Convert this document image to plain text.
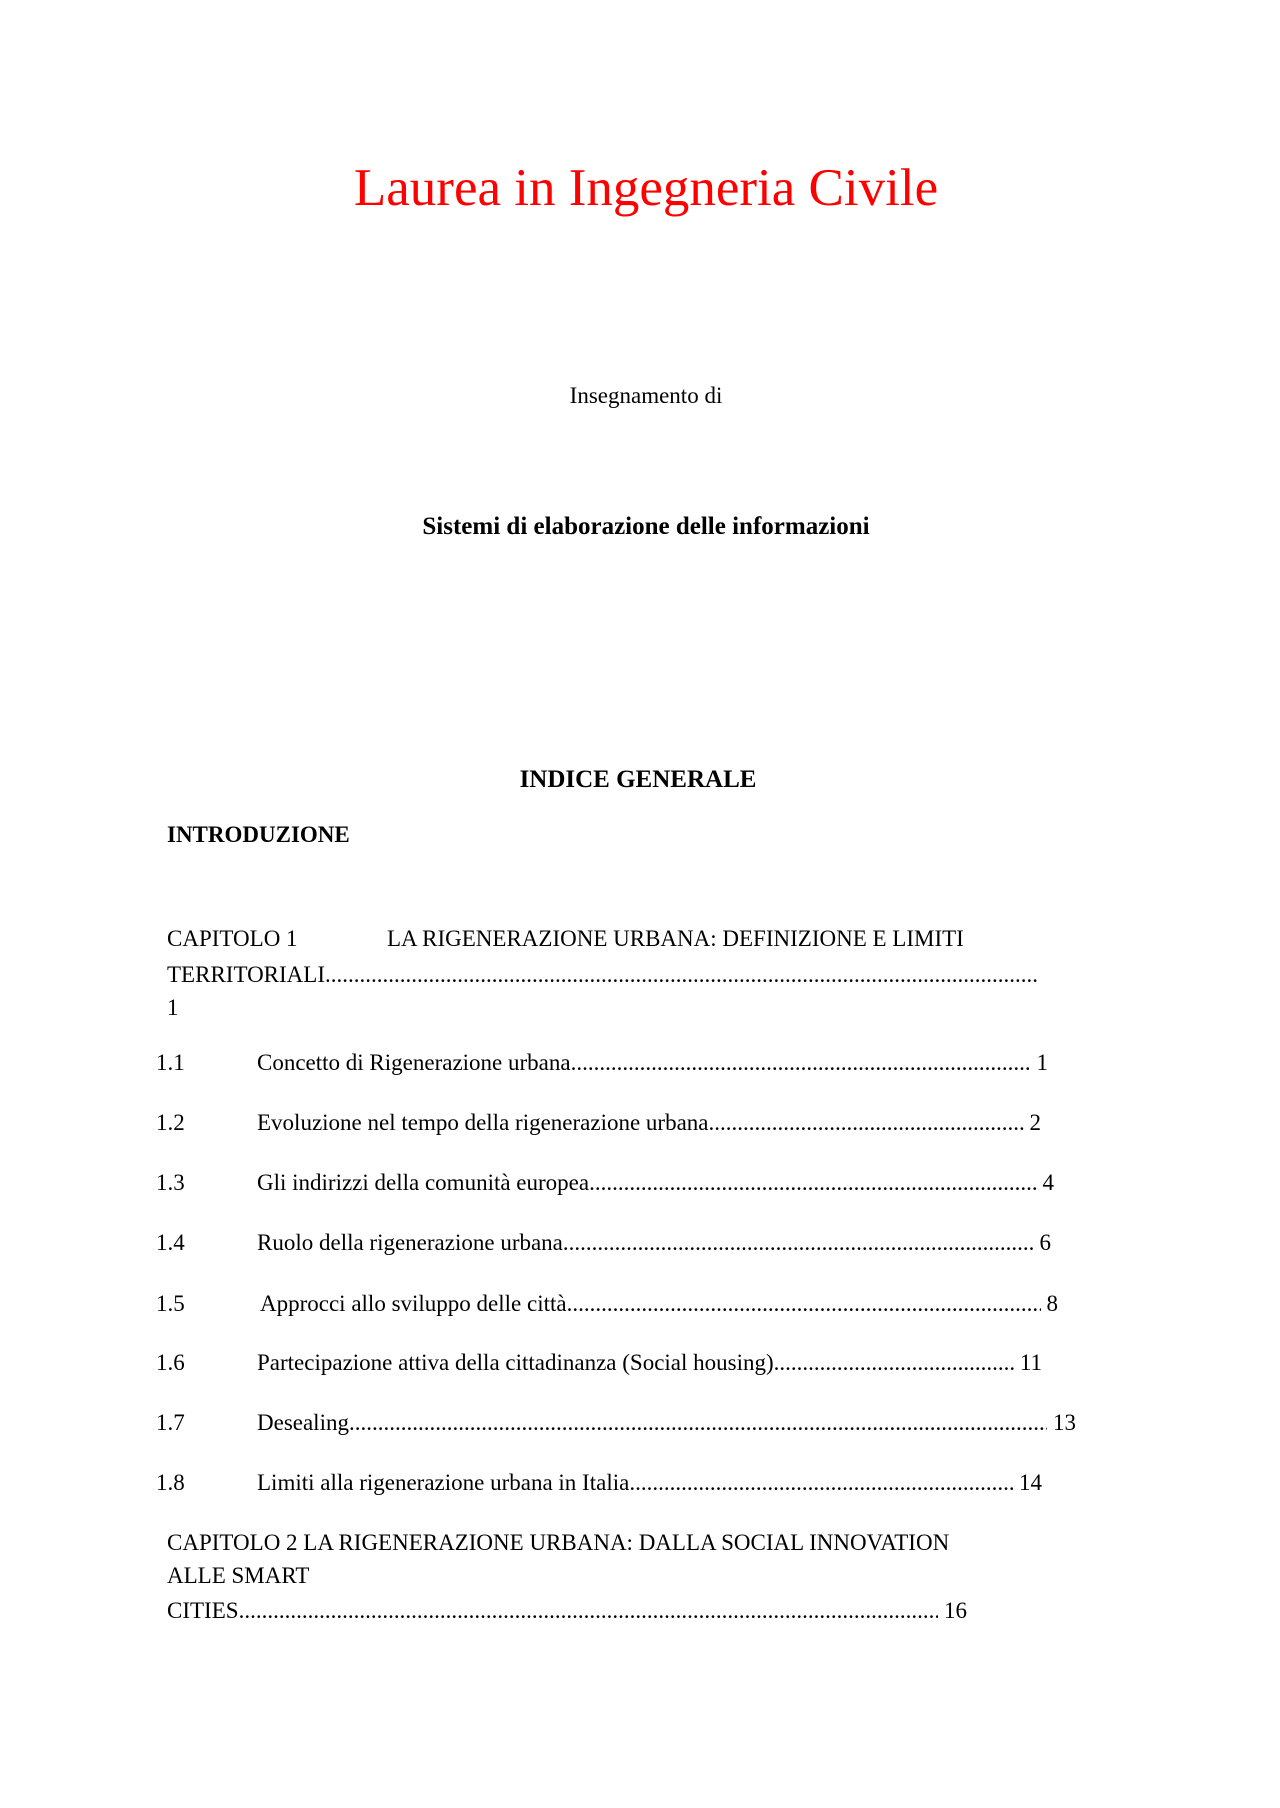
Laurea in Ingegneria Civile
Insegnamento di
Sistemi di elaborazione delle informazioni
INDICE GENERALE
INTRODUZIONE
CAPITOLO 1	LA RIGENERAZIONE URBANA: DEFINIZIONE E LIMITI
TERRITORIALI
.....
1
1.1	Concetto di Rigenerazione urbana .....	1
1.2	Evoluzione nel tempo della rigenerazione urbana .....	2
1.3	Gli indirizzi della comunità europea .....	4
1.4	Ruolo della rigenerazione urbana .....	6
1.5	Approcci allo sviluppo delle città .....	8
1.6	Partecipazione attiva della cittadinanza (Social housing) .....	11
1.7	Desealing .....	13
1.8	Limiti alla rigenerazione urbana in Italia .....	14
CAPITOLO 2 LA RIGENERAZIONE URBANA: DALLA SOCIAL INNOVATION
ALLE SMART
CITIES .....	16
